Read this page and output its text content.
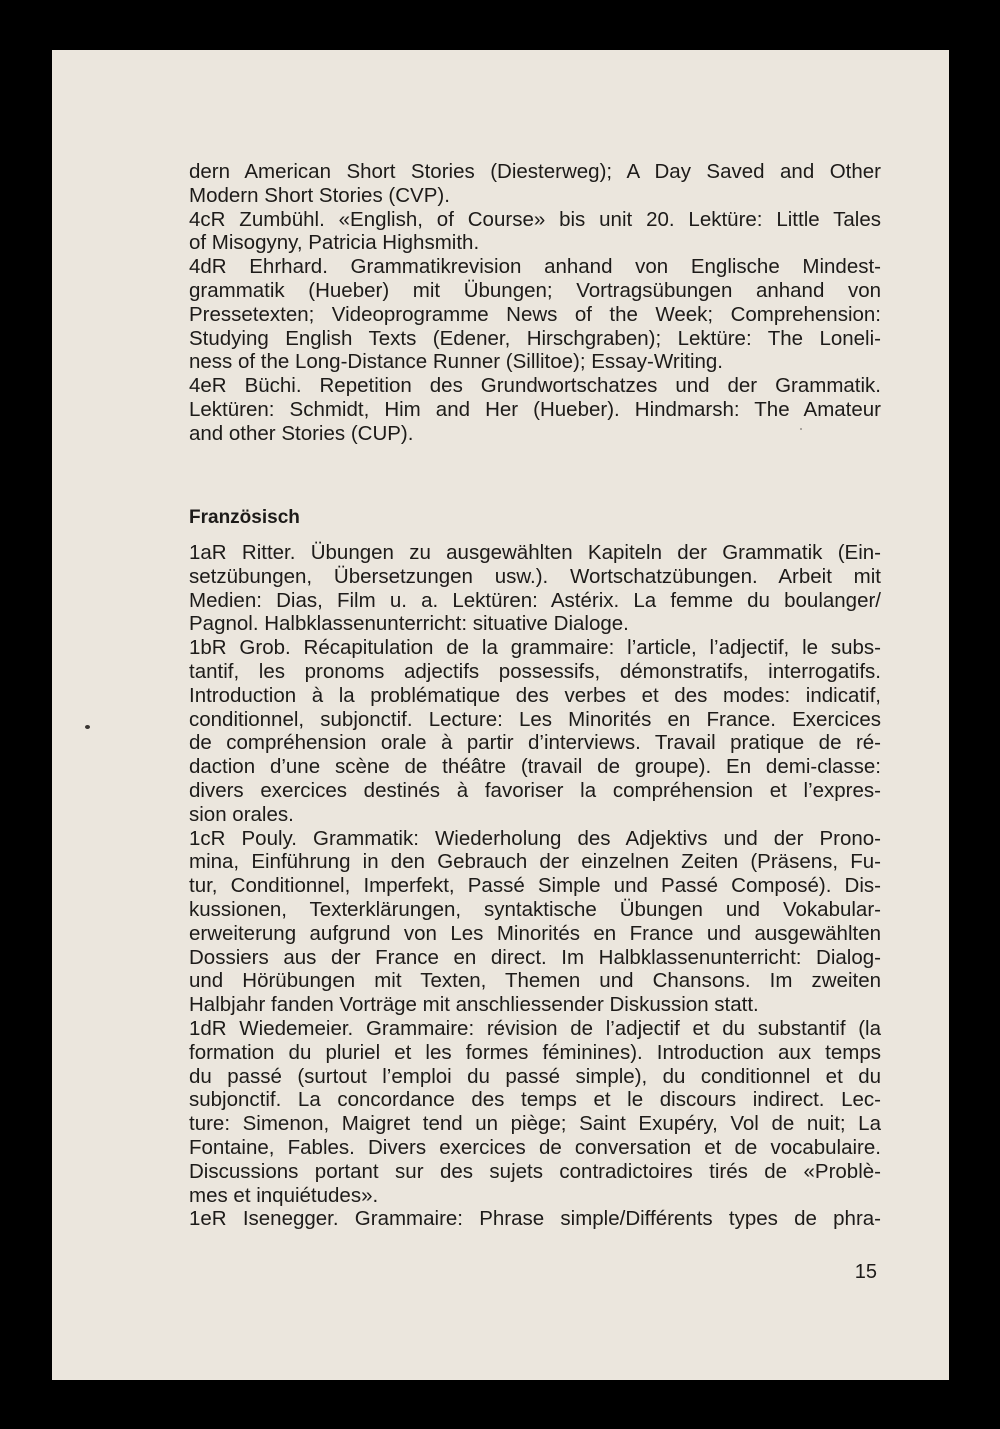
dern American Short Stories (Diesterweg); A Day Saved and Other
Modern Short Stories (CVP).
4cR Zumbühl. «English, of Course» bis unit 20. Lektüre: Little Tales
of Misogyny, Patricia Highsmith.
4dR Ehrhard. Grammatikrevision anhand von Englische Mindest-
grammatik (Hueber) mit Übungen; Vortragsübungen anhand von
Pressetexten; Videoprogramme News of the Week; Comprehension:
Studying English Texts (Edener, Hirschgraben); Lektüre: The Loneli-
ness of the Long-Distance Runner (Sillitoe); Essay-Writing.
4eR Büchi. Repetition des Grundwortschatzes und der Grammatik.
Lektüren: Schmidt, Him and Her (Hueber). Hindmarsh: The Amateur
and other Stories (CUP).
Französisch
1aR Ritter. Übungen zu ausgewählten Kapiteln der Grammatik (Ein-
setzübungen, Übersetzungen usw.). Wortschatzübungen. Arbeit mit
Medien: Dias, Film u. a. Lektüren: Astérix. La femme du boulanger/
Pagnol. Halbklassenunterricht: situative Dialoge.
1bR Grob. Récapitulation de la grammaire: l’article, l’adjectif, le subs-
tantif, les pronoms adjectifs possessifs, démonstratifs, interrogatifs.
Introduction à la problématique des verbes et des modes: indicatif,
conditionnel, subjonctif. Lecture: Les Minorités en France. Exercices
de compréhension orale à partir d’interviews. Travail pratique de ré-
daction d’une scène de théâtre (travail de groupe). En demi-classe:
divers exercices destinés à favoriser la compréhension et l’expres-
sion orales.
1cR Pouly. Grammatik: Wiederholung des Adjektivs und der Prono-
mina, Einführung in den Gebrauch der einzelnen Zeiten (Präsens, Fu-
tur, Conditionnel, Imperfekt, Passé Simple und Passé Composé). Dis-
kussionen, Texterklärungen, syntaktische Übungen und Vokabular-
erweiterung aufgrund von Les Minorités en France und ausgewählten
Dossiers aus der France en direct. Im Halbklassenunterricht: Dialog-
und Hörübungen mit Texten, Themen und Chansons. Im zweiten
Halbjahr fanden Vorträge mit anschliessender Diskussion statt.
1dR Wiedemeier. Grammaire: révision de l’adjectif et du substantif (la
formation du pluriel et les formes féminines). Introduction aux temps
du passé (surtout l’emploi du passé simple), du conditionnel et du
subjonctif. La concordance des temps et le discours indirect. Lec-
ture: Simenon, Maigret tend un piège; Saint Exupéry, Vol de nuit; La
Fontaine, Fables. Divers exercices de conversation et de vocabulaire.
Discussions portant sur des sujets contradictoires tirés de «Problè-
mes et inquiétudes».
1eR Isenegger. Grammaire: Phrase simple/Différents types de phra-
15
